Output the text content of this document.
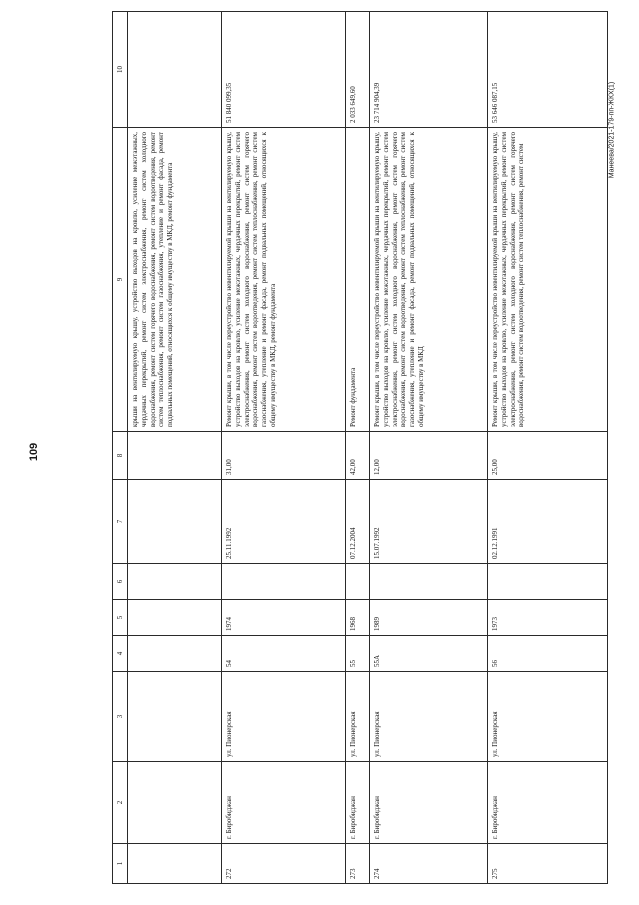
109
Манеева/2021-179-пп-ЖКХ(1)
1	2	3	4	5	6	7	8	9	10
								крыши на вентилируемую крышу, устройство выходов на кровлю, усиление межэтажных, чердачных перекрытий, ремонт систем электроснабжения, ремонт систем холодного водоснабжения, ремонт систем горячего водоснабжения, ремонт систем водоотведения, ремонт систем теплоснабжения, ремонт систем газоснабжения, утепление и ремонт фасада, ремонт подвальных помещений, относящихся к общему имуществу в МКД, ремонт фундамента	
272	г. Биробиджан	ул. Пионерская	54	1974		25.11.1992	31,00	Ремонт крыши, в том числе переустройство невентилируемой крыши на вентилируемую крышу, устройство выходов на кровлю, усиление межэтажных, чердачных перекрытий, ремонт систем электроснабжения, ремонт систем холодного водоснабжения, ремонт систем горячего водоснабжения, ремонт систем водоотведения, ремонт систем теплоснабжения, ремонт систем газоснабжения, утепление и ремонт фасада, ремонт подвальных помещений, относящихся к общему имуществу в МКД, ремонт фундамента	51 840 099,35
273	г. Биробиджан	ул. Пионерская	55	1968		07.12.2004	42,00	Ремонт фундамента	2 033 649,60
274	г. Биробиджан	ул. Пионерская	55А	1989		15.07.1992	12,00	Ремонт крыши, в том числе переустройство невентилируемой крыши на вентилируемую крышу, устройство выходов на кровлю, усиление межэтажных, чердачных перекрытий, ремонт систем электроснабжения, ремонт систем холодного водоснабжения, ремонт систем горячего водоснабжения, ремонт систем водоотведения, ремонт систем теплоснабжения, ремонт систем газоснабжения, утепление и ремонт фасада, ремонт подвальных помещений, относящихся к общему имуществу в МКД	23 714 904,39
275	г. Биробиджан	ул. Пионерская	56	1973		02.12.1991	25,00	Ремонт крыши, в том числе переустройство невентилируемой крыши на вентилируемую крышу, устройство выходов на кровлю, усиление межэтажных, чердачных перекрытий, ремонт систем электроснабжения, ремонт систем холодного водоснабжения, ремонт систем горячего водоснабжения, ремонт систем водоотведения, ремонт систем теплоснабжения, ремонт систем	53 646 087,15
